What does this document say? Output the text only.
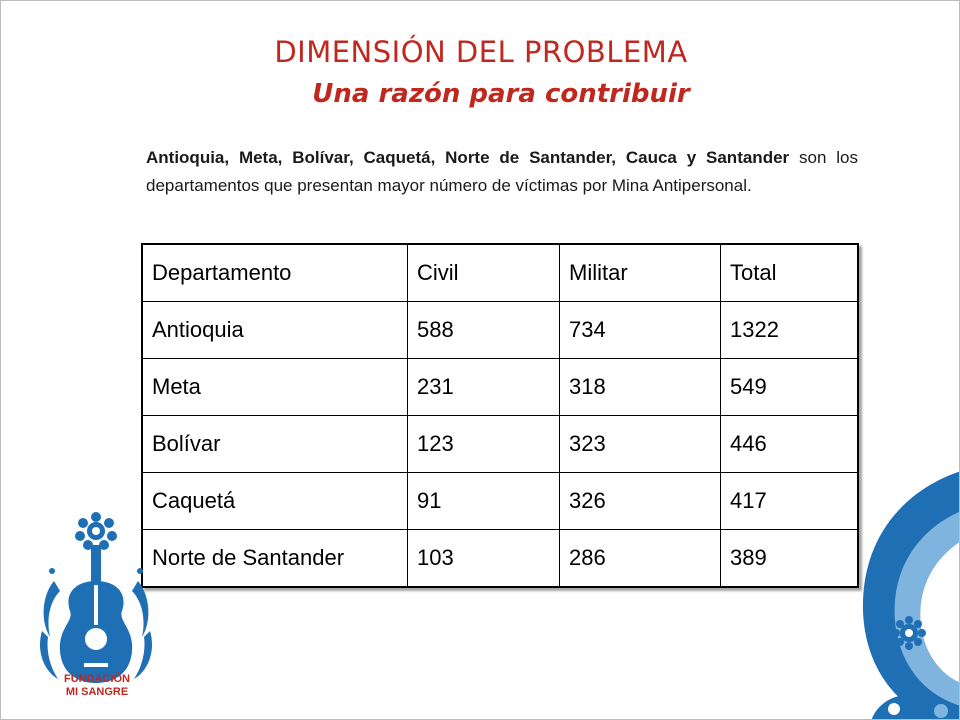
DIMENSIÓN DEL PROBLEMA
Una razón para contribuir

Antioquia, Meta, Bolívar, Caquetá, Norte de Santander, Cauca y Santander son los departamentos que presentan mayor número de víctimas por Mina Antipersonal.

Departamento	Civil	Militar	Total
Antioquia	588	734	1322
Meta	231	318	549
Bolívar	123	323	446
Caquetá	91	326	417
Norte de Santander	103	286	389
FUNDACIÓN
MI SANGRE
